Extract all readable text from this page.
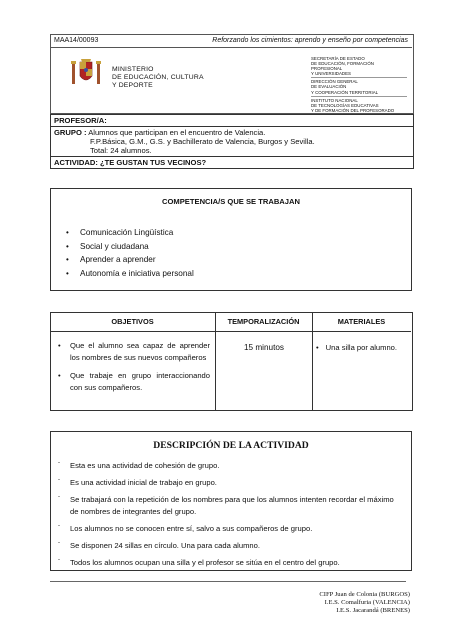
MAA14/00093	Reforzando los cimientos: aprendo y enseño por competencias
MINISTERIO
DE EDUCACIÓN, CULTURA
Y DEPORTE
SECRETARÍA DE ESTADO
DE EDUCACIÓN, FORMACIÓN
PROFESIONAL
Y UNIVERSIDADES
DIRECCIÓN GENERAL
DE EVALUACIÓN
Y COOPERACIÓN TERRITORIAL
INSTITUTO NACIONAL
DE TECNOLOGÍAS EDUCATIVAS
Y DE FORMACIÓN DEL PROFESORADO
PROFESOR/A:
GRUPO : Alumnos que participan en el encuentro de Valencia.
F.P.Básica, G.M., G.S. y Bachillerato de Valencia, Burgos y Sevilla.
Total: 24 alumnos.
ACTIVIDAD: ¿TE GUSTAN TUS VECINOS?
COMPETENCIA/S QUE SE TRABAJAN
• Comunicación Lingüística
• Social y ciudadana
• Aprender a aprender
• Autonomía e iniciativa personal
OBJETIVOS	TEMPORALIZACIÓN	MATERIALES
• Que el alumno sea capaz de aprender los nombres de sus nuevos compañeros
• Que trabaje en grupo interaccionando con sus compañeros.
15 minutos
•	Una silla por alumno.
DESCRIPCIÓN DE LA ACTIVIDAD
- Esta es una actividad de cohesión de grupo.
- Es una actividad inicial de trabajo en grupo.
- Se trabajará con la repetición de los nombres para que los alumnos intenten recordar el máximo de nombres de integrantes del grupo.
- Los alumnos no se conocen entre sí, salvo a sus compañeros de grupo.
- Se disponen 24 sillas en círculo. Una para cada alumno.
- Todos los alumnos ocupan una silla y el profesor se sitúa en el centro del grupo.
CIFP Juan de Colonia (BURGOS)
I.E.S. Comalfuria (VALENCIA)
I.E.S. Jacarandá (BRENES)
